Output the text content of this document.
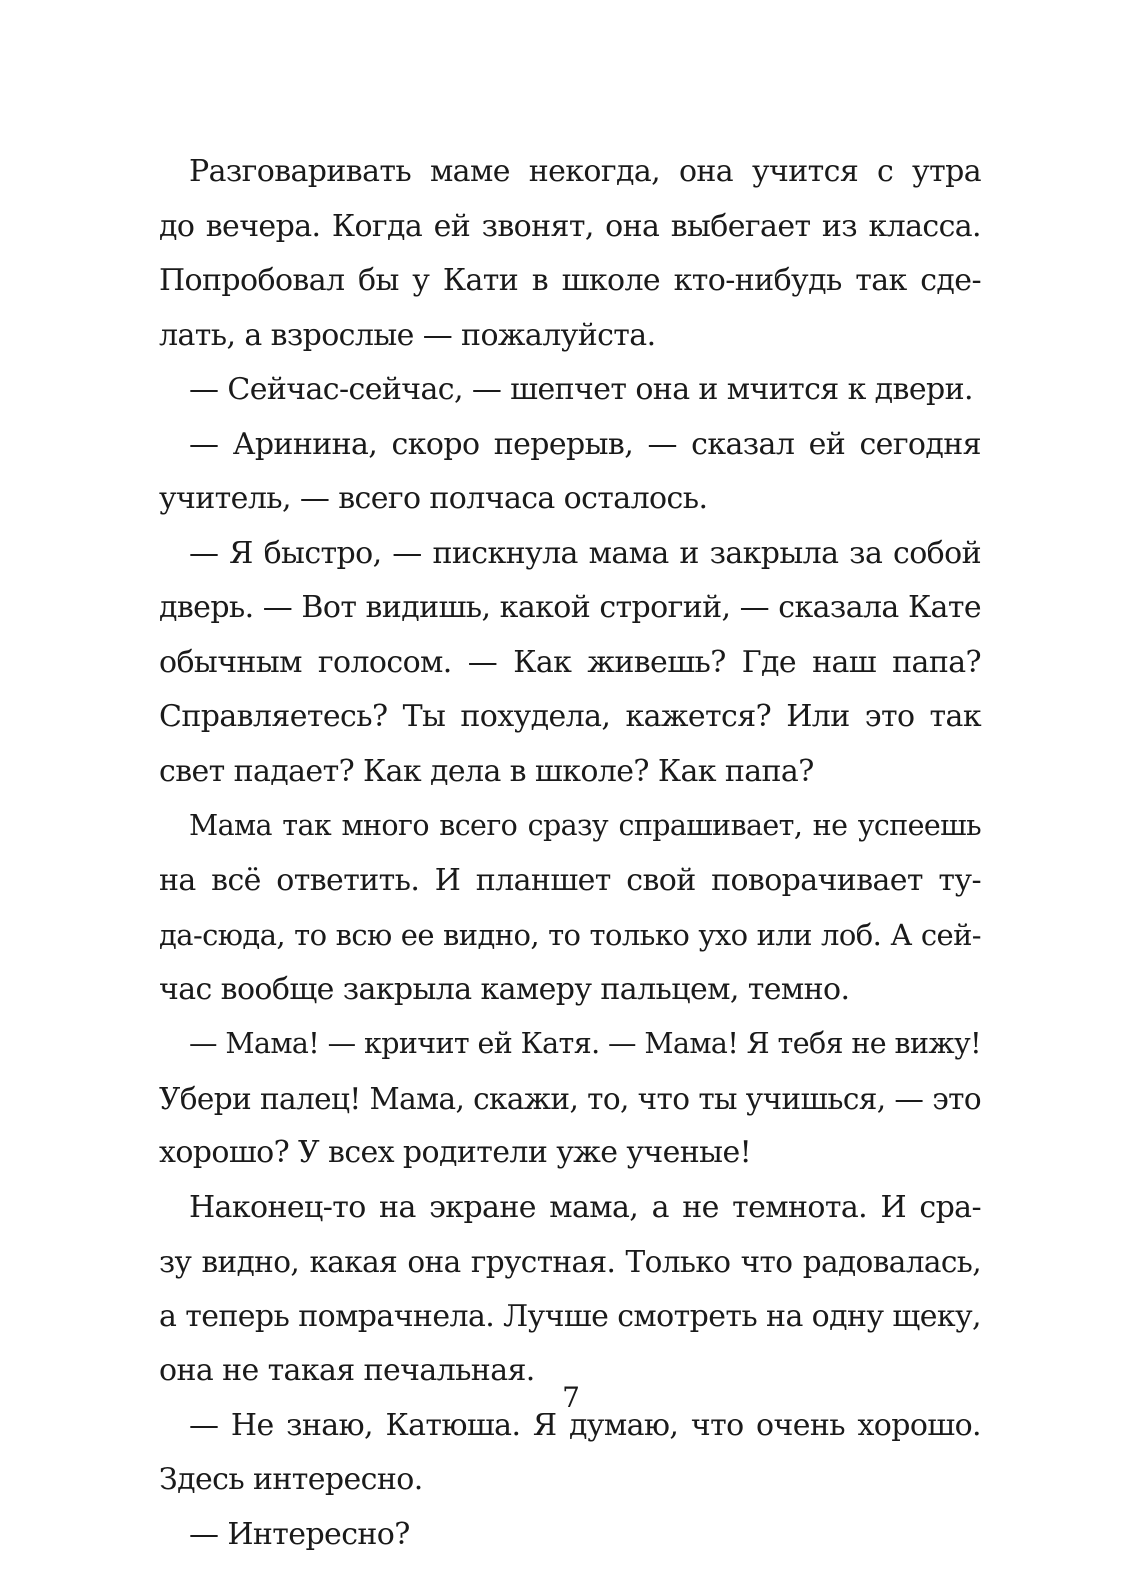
Разговаривать маме некогда, она учится с утра
до вечера. Когда ей звонят, она выбегает из класса.
Попробовал бы у Кати в школе кто-нибудь так сде-
лать, а взрослые — пожалуйста.
— Сейчас-сейчас, — шепчет она и мчится к двери.
— Аринина, скоро перерыв, — сказал ей сегодня
учитель, — всего полчаса осталось.
— Я быстро, — пискнула мама и закрыла за собой
дверь. — Вот видишь, какой строгий, — сказала Кате
обычным голосом. — Как живешь? Где наш папа?
Справляетесь? Ты похудела, кажется? Или это так
свет падает? Как дела в школе? Как папа?
Мама так много всего сразу спрашивает, не успеешь
на всё ответить. И планшет свой поворачивает ту-
да-сюда, то всю ее видно, то только ухо или лоб. А сей-
час вообще закрыла камеру пальцем, темно.
— Мама! — кричит ей Катя. — Мама! Я тебя не вижу!
Убери палец! Мама, скажи, то, что ты учишься, — это
хорошо? У всех родители уже ученые!
Наконец-то на экране мама, а не темнота. И сра-
зу видно, какая она грустная. Только что радовалась,
а теперь помрачнела. Лучше смотреть на одну щеку,
она не такая печальная.
— Не знаю, Катюша. Я думаю, что очень хорошо.
Здесь интересно.
— Интересно?
7
